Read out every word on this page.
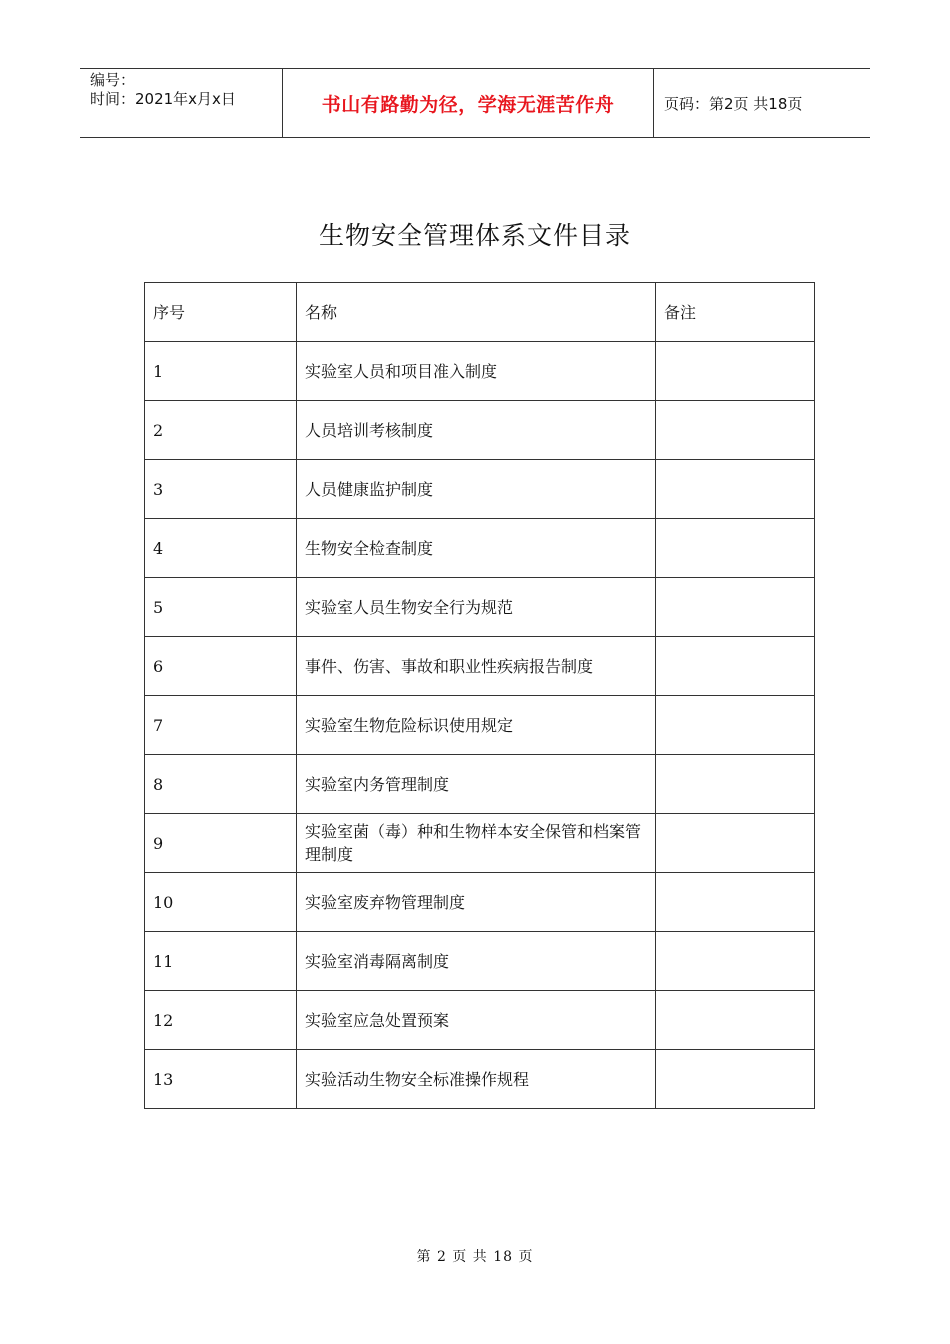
编号：
时间：2021年x月x日	书山有路勤为径，学海无涯苦作舟	页码：第2页 共18页
生物安全管理体系文件目录
序号	名称	备注
1	实验室人员和项目准入制度	
2	人员培训考核制度	
3	人员健康监护制度	
4	生物安全检查制度	
5	实验室人员生物安全行为规范	
6	事件、伤害、事故和职业性疾病报告制度	
7	实验室生物危险标识使用规定	
8	实验室内务管理制度	
9	实验室菌（毒）种和生物样本安全保管和档案管理制度	
10	实验室废弃物管理制度	
11	实验室消毒隔离制度	
12	实验室应急处置预案	
13	实验活动生物安全标准操作规程	
第 2 页 共 18 页
